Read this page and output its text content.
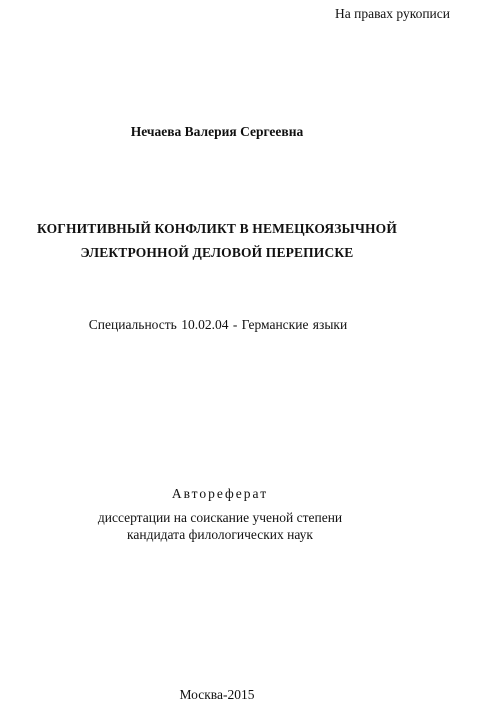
На правах рукописи
Нечаева Валерия Сергеевна
КОГНИТИВНЫЙ КОНФЛИКТ В НЕМЕЦКОЯЗЫЧНОЙ
ЭЛЕКТРОННОЙ ДЕЛОВОЙ ПЕРЕПИСКЕ
Специальность 10.02.04 - Германские языки
Автореферат
диссертации на соискание ученой степени
кандидата филологических наук
Москва-2015
